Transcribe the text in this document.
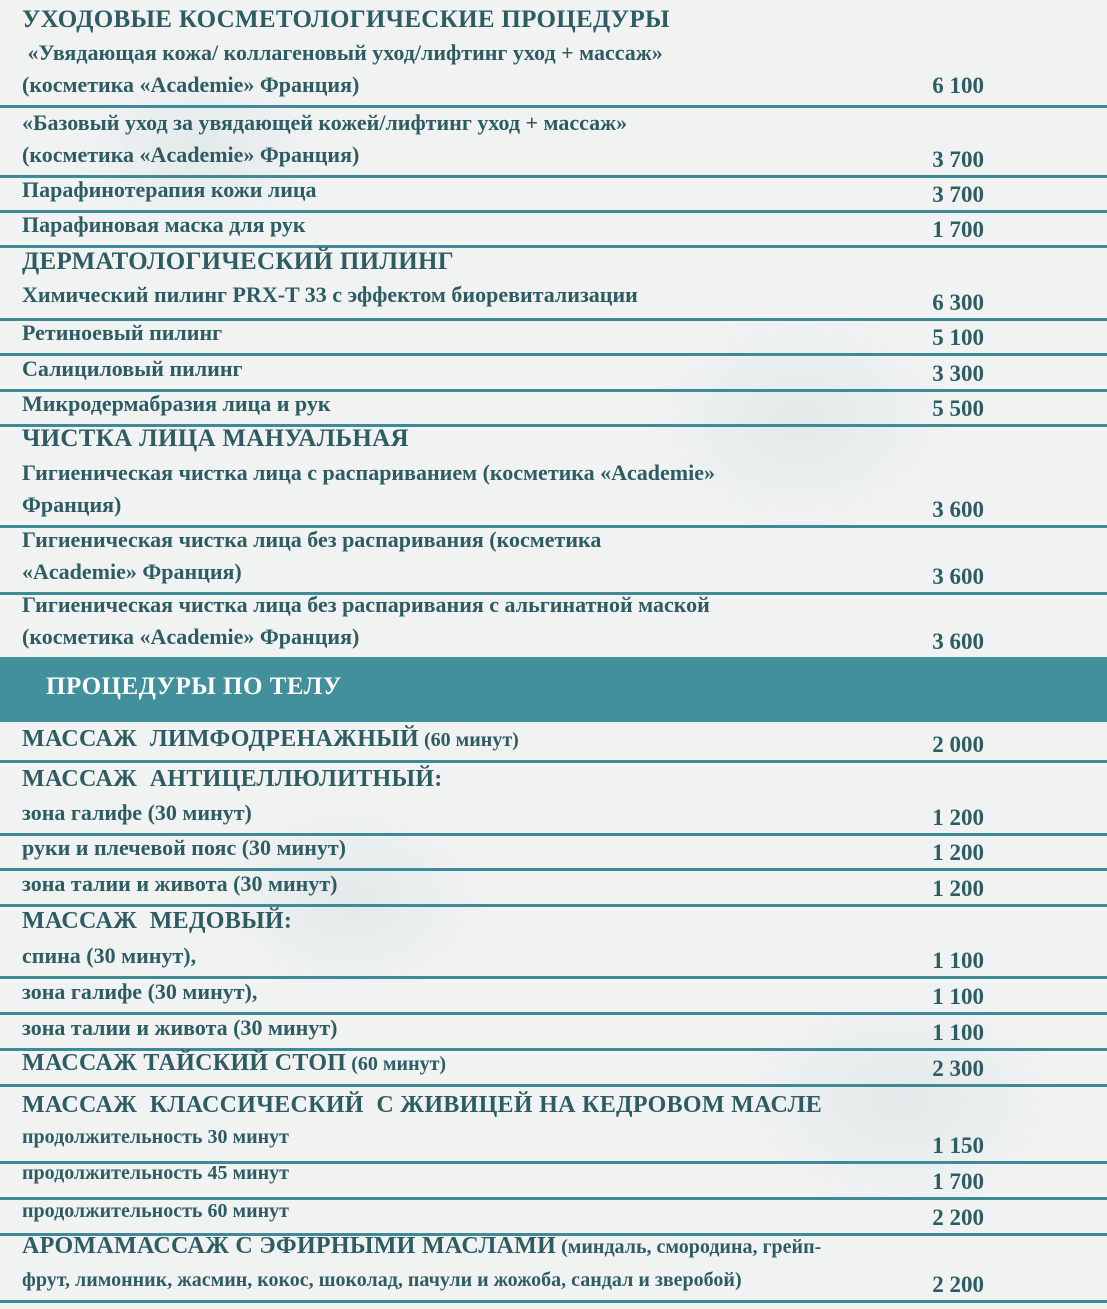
УХОДОВЫЕ КОСМЕТОЛОГИЧЕСКИЕ ПРОЦЕДУРЫ
«Увядающая кожа/ коллагеновый уход/лифтинг уход + массаж»
(косметика «Academie» Франция)	6 100
«Базовый уход за увядающей кожей/лифтинг уход + массаж»
(косметика «Academie» Франция)	3 700
Парафинотерапия кожи лица	3 700
Парафиновая маска для рук	1 700
ДЕРМАТОЛОГИЧЕСКИЙ ПИЛИНГ
Химический пилинг PRX-T 33 с эффектом биоревитализации	6 300
Ретиноевый пилинг	5 100
Салициловый пилинг	3 300
Микродермабразия лица и рук	5 500
ЧИСТКА ЛИЦА МАНУАЛЬНАЯ
Гигиеническая чистка лица с распариванием (косметика «Academie»
Франция)	3 600
Гигиеническая чистка лица без распаривания (косметика
«Academie» Франция)	3 600
Гигиеническая чистка лица без распаривания с альгинатной маской
(косметика «Academie» Франция)	3 600
ПРОЦЕДУРЫ ПО ТЕЛУ
МАССАЖ  ЛИМФОДРЕНАЖНЫЙ (60 минут)	2 000
МАССАЖ  АНТИЦЕЛЛЮЛИТНЫЙ:
зона галифе (30 минут)	1 200
руки и плечевой пояс (30 минут)	1 200
зона талии и живота (30 минут)	1 200
МАССАЖ  МЕДОВЫЙ:
спина (30 минут),	1 100
зона галифе (30 минут),	1 100
зона талии и живота (30 минут)	1 100
МАССАЖ ТАЙСКИЙ СТОП (60 минут)	2 300
МАССАЖ  КЛАССИЧЕСКИЙ  С ЖИВИЦЕЙ НА КЕДРОВОМ МАСЛЕ
продолжительность 30 минут	1 150
продолжительность 45 минут	1 700
продолжительность 60 минут	2 200
АРОМАМАССАЖ С ЭФИРНЫМИ МАСЛАМИ (миндаль, смородина, грейп-
фрут, лимонник, жасмин, кокос, шоколад, пачули и жожоба, сандал и зверобой)	2 200
